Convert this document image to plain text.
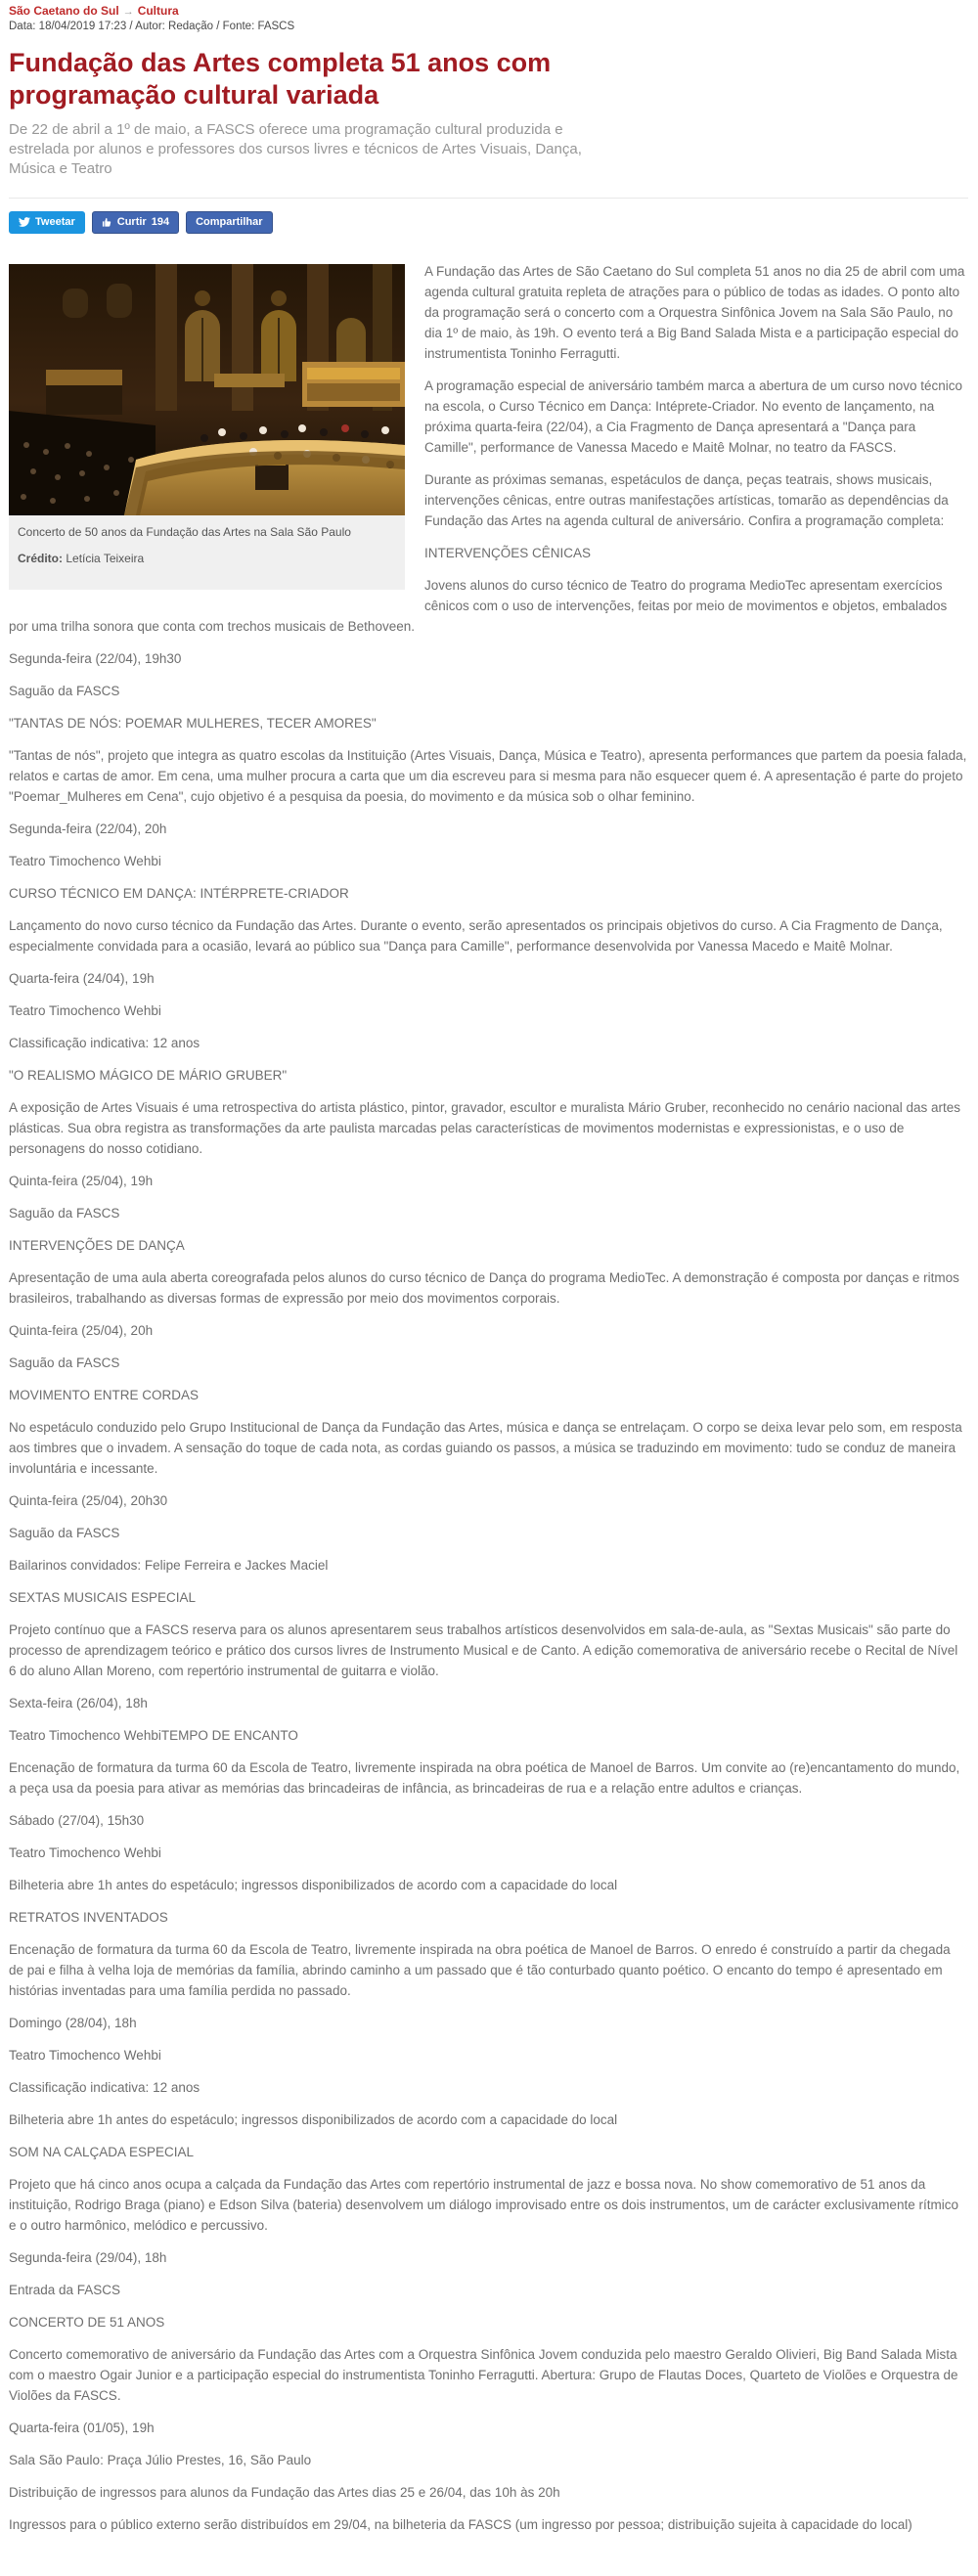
São Caetano do Sul → Cultura
Data: 18/04/2019 17:23 / Autor: Redação / Fonte: FASCS
Fundação das Artes completa 51 anos com programação cultural variada

De 22 de abril a 1º de maio, a FASCS oferece uma programação cultural produzida e estrelada por alunos e professores dos cursos livres e técnicos de Artes Visuais, Dança, Música e Teatro

Tweetar	Curtir 194 Compartilhar

Concerto de 50 anos da Fundação das Artes na Sala São Paulo

Crédito: Letícia Teixeira

A Fundação das Artes de São Caetano do Sul completa 51 anos no dia 25 de abril com uma agenda cultural gratuita repleta de atrações para o público de todas as idades. O ponto alto da programação será o concerto com a Orquestra Sinfônica Jovem na Sala São Paulo, no dia 1º de maio, às 19h. O evento terá a Big Band Salada Mista e a participação especial do instrumentista Toninho Ferragutti.

A programação especial de aniversário também marca a abertura de um curso novo técnico na escola, o Curso Técnico em Dança: Intéprete-Criador. No evento de lançamento, na próxima quarta-feira (22/04), a Cia Fragmento de Dança apresentará a "Dança para Camille", performance de Vanessa Macedo e Maitê Molnar, no teatro da FASCS.

Durante as próximas semanas, espetáculos de dança, peças teatrais, shows musicais, intervenções cênicas, entre outras manifestações artísticas, tomarão as dependências da Fundação das Artes na agenda cultural de aniversário. Confira a programação completa:

INTERVENÇÕES CÊNICAS

Jovens alunos do curso técnico de Teatro do programa MedioTec apresentam exercícios cênicos com o uso de intervenções, feitas por meio de movimentos e objetos, embalados por uma trilha sonora que conta com trechos musicais de Bethoveen.

Segunda-feira (22/04), 19h30

Saguão da FASCS

"TANTAS DE NÓS: POEMAR MULHERES, TECER AMORES"

"Tantas de nós", projeto que integra as quatro escolas da Instituição (Artes Visuais, Dança, Música e Teatro), apresenta performances que partem da poesia falada, relatos e cartas de amor. Em cena, uma mulher procura a carta que um dia escreveu para si mesma para não esquecer quem é. A apresentação é parte do projeto "Poemar_Mulheres em Cena", cujo objetivo é a pesquisa da poesia, do movimento e da música sob o olhar feminino.

Segunda-feira (22/04), 20h

Teatro Timochenco Wehbi

CURSO TÉCNICO EM DANÇA: INTÉRPRETE-CRIADOR

Lançamento do novo curso técnico da Fundação das Artes. Durante o evento, serão apresentados os principais objetivos do curso. A Cia Fragmento de Dança, especialmente convidada para a ocasião, levará ao público sua "Dança para Camille", performance desenvolvida por Vanessa Macedo e Maitê Molnar.

Quarta-feira (24/04), 19h

Teatro Timochenco Wehbi

Classificação indicativa: 12 anos

"O REALISMO MÁGICO DE MÁRIO GRUBER"

A exposição de Artes Visuais é uma retrospectiva do artista plástico, pintor, gravador, escultor e muralista Mário Gruber, reconhecido no cenário nacional das artes plásticas. Sua obra registra as transformações da arte paulista marcadas pelas características de movimentos modernistas e expressionistas, e o uso de personagens do nosso cotidiano.

Quinta-feira (25/04), 19h

Saguão da FASCS

INTERVENÇÕES DE DANÇA

Apresentação de uma aula aberta coreografada pelos alunos do curso técnico de Dança do programa MedioTec. A demonstração é composta por danças e ritmos brasileiros, trabalhando as diversas formas de expressão por meio dos movimentos corporais.

Quinta-feira (25/04), 20h

Saguão da FASCS

MOVIMENTO ENTRE CORDAS

No espetáculo conduzido pelo Grupo Institucional de Dança da Fundação das Artes, música e dança se entrelaçam. O corpo se deixa levar pelo som, em resposta aos timbres que o invadem. A sensação do toque de cada nota, as cordas guiando os passos, a música se traduzindo em movimento: tudo se conduz de maneira involuntária e incessante.

Quinta-feira (25/04), 20h30

Saguão da FASCS

Bailarinos convidados: Felipe Ferreira e Jackes Maciel

SEXTAS MUSICAIS ESPECIAL

Projeto contínuo que a FASCS reserva para os alunos apresentarem seus trabalhos artísticos desenvolvidos em sala-de-aula, as "Sextas Musicais" são parte do processo de aprendizagem teórico e prático dos cursos livres de Instrumento Musical e de Canto. A edição comemorativa de aniversário recebe o Recital de Nível 6 do aluno Allan Moreno, com repertório instrumental de guitarra e violão.

Sexta-feira (26/04), 18h

Teatro Timochenco WehbiTEMPO DE ENCANTO

Encenação de formatura da turma 60 da Escola de Teatro, livremente inspirada na obra poética de Manoel de Barros. Um convite ao (re)encantamento do mundo, a peça usa da poesia para ativar as memórias das brincadeiras de infância, as brincadeiras de rua e a relação entre adultos e crianças.

Sábado (27/04), 15h30

Teatro Timochenco Wehbi

Bilheteria abre 1h antes do espetáculo; ingressos disponibilizados de acordo com a capacidade do local

RETRATOS INVENTADOS

Encenação de formatura da turma 60 da Escola de Teatro, livremente inspirada na obra poética de Manoel de Barros. O enredo é construído a partir da chegada de pai e filha à velha loja de memórias da família, abrindo caminho a um passado que é tão conturbado quanto poético. O encanto do tempo é apresentado em histórias inventadas para uma família perdida no passado.

Domingo (28/04), 18h

Teatro Timochenco Wehbi

Classificação indicativa: 12 anos

Bilheteria abre 1h antes do espetáculo; ingressos disponibilizados de acordo com a capacidade do local

SOM NA CALÇADA ESPECIAL

Projeto que há cinco anos ocupa a calçada da Fundação das Artes com repertório instrumental de jazz e bossa nova. No show comemorativo de 51 anos da instituição, Rodrigo Braga (piano) e Edson Silva (bateria) desenvolvem um diálogo improvisado entre os dois instrumentos, um de carácter exclusivamente rítmico e o outro harmônico, melódico e percussivo.

Segunda-feira (29/04), 18h

Entrada da FASCS

CONCERTO DE 51 ANOS

Concerto comemorativo de aniversário da Fundação das Artes com a Orquestra Sinfônica Jovem conduzida pelo maestro Geraldo Olivieri, Big Band Salada Mista com o maestro Ogair Junior e a participação especial do instrumentista Toninho Ferragutti. Abertura: Grupo de Flautas Doces, Quarteto de Violões e Orquestra de Violões da FASCS.

Quarta-feira (01/05), 19h

Sala São Paulo: Praça Júlio Prestes, 16, São Paulo

Distribuição de ingressos para alunos da Fundação das Artes dias 25 e 26/04, das 10h às 20h

Ingressos para o público externo serão distribuídos em 29/04, na bilheteria da FASCS (um ingresso por pessoa; distribuição sujeita à capacidade do local)
